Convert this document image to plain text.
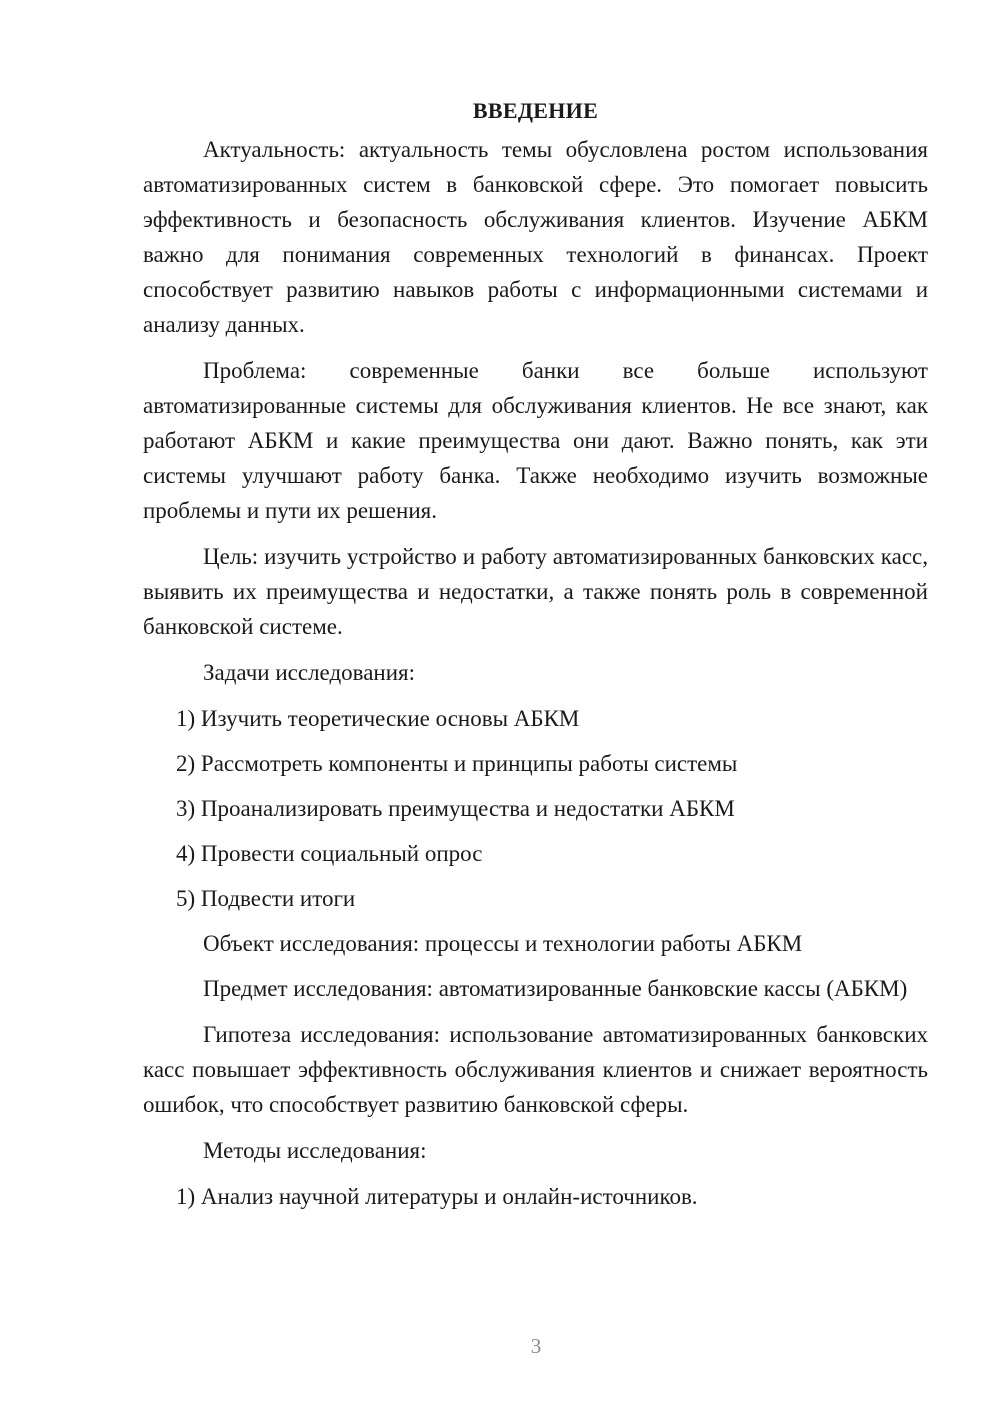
ВВЕДЕНИЕ

Актуальность: актуальность темы обусловлена ростом использования автоматизированных систем в банковской сфере. Это помогает повысить эффективность и безопасность обслуживания клиентов. Изучение АБКМ важно для понимания современных технологий в финансах. Проект способствует развитию навыков работы с информационными системами и анализу данных.

Проблема: современные банки все больше используют автоматизированные системы для обслуживания клиентов. Не все знают, как работают АБКМ и какие преимущества они дают. Важно понять, как эти системы улучшают работу банка. Также необходимо изучить возможные проблемы и пути их решения.

Цель: изучить устройство и работу автоматизированных банковских касс, выявить их преимущества и недостатки, а также понять роль в современной банковской системе.

Задачи исследования:

1) Изучить теоретические основы АБКМ
2) Рассмотреть компоненты и принципы работы системы
3) Проанализировать преимущества и недостатки АБКМ
4) Провести социальный опрос
5) Подвести итоги

Объект исследования: процессы и технологии работы АБКМ

Предмет исследования: автоматизированные банковские кассы (АБКМ)

Гипотеза исследования: использование автоматизированных банковских касс повышает эффективность обслуживания клиентов и снижает вероятность ошибок, что способствует развитию банковской сферы.

Методы исследования:

1) Анализ научной литературы и онлайн-источников.
3
